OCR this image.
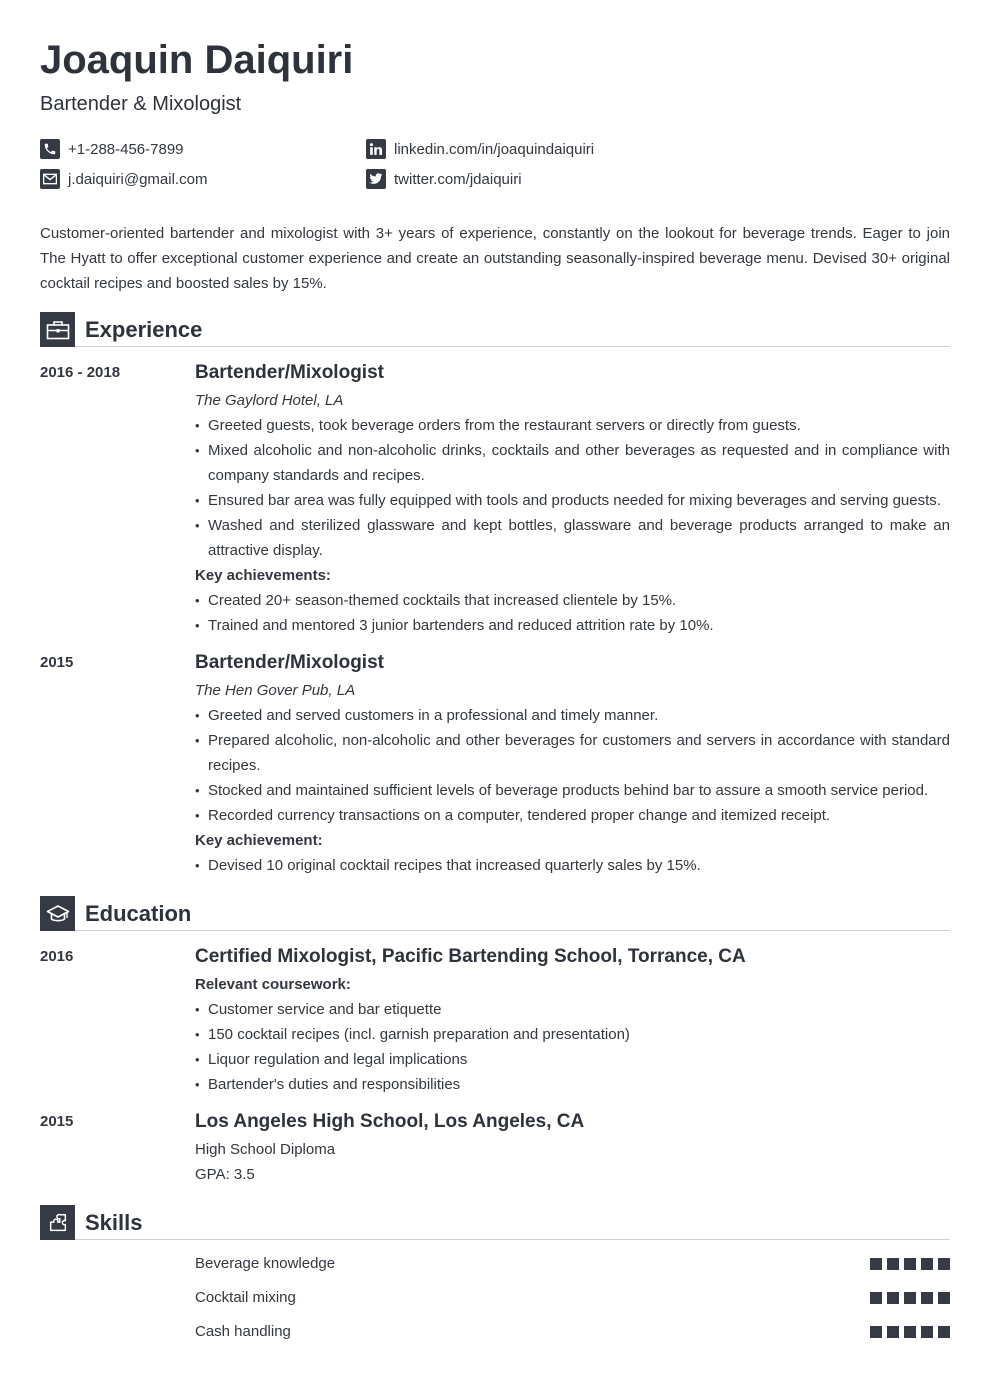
Joaquin Daiquiri

Bartender & Mixologist

+1-288-456-7899
j.daiquiri@gmail.com
linkedin.com/in/joaquindaiquiri
twitter.com/jdaiquiri

Customer-oriented bartender and mixologist with 3+ years of experience, constantly on the lookout for beverage trends. Eager to join The Hyatt to offer exceptional customer experience and create an outstanding seasonally-inspired beverage menu. Devised 30+ original cocktail recipes and boosted sales by 15%.

Experience
2016 - 2018	Bartender/Mixologist

The Gaylord Hotel, LA

• Greeted guests, took beverage orders from the restaurant servers or directly from guests.
• Mixed alcoholic and non-alcoholic drinks, cocktails and other beverages as requested and in compliance with company standards and recipes.
• Ensured bar area was fully equipped with tools and products needed for mixing beverages and serving guests.
• Washed and sterilized glassware and kept bottles, glassware and beverage products arranged to make an attractive display.

Key achievements:

• Created 20+ season-themed cocktails that increased clientele by 15%.
• Trained and mentored 3 junior bartenders and reduced attrition rate by 10%.
2015	Bartender/Mixologist

The Hen Gover Pub, LA

• Greeted and served customers in a professional and timely manner.
• Prepared alcoholic, non-alcoholic and other beverages for customers and servers in accordance with standard recipes.
• Stocked and maintained sufficient levels of beverage products behind bar to assure a smooth service period.
• Recorded currency transactions on a computer, tendered proper change and itemized receipt.

Key achievement:

• Devised 10 original cocktail recipes that increased quarterly sales by 15%.
Education
2016	Certified Mixologist, Pacific Bartending School, Torrance, CA

Relevant coursework:

• Customer service and bar etiquette
• 150 cocktail recipes (incl. garnish preparation and presentation)
• Liquor regulation and legal implications
• Bartender's duties and responsibilities
2015	Los Angeles High School, Los Angeles, CA

High School Diploma

GPA: 3.5

Skills
Beverage knowledge
Cocktail mixing
Cash handling
